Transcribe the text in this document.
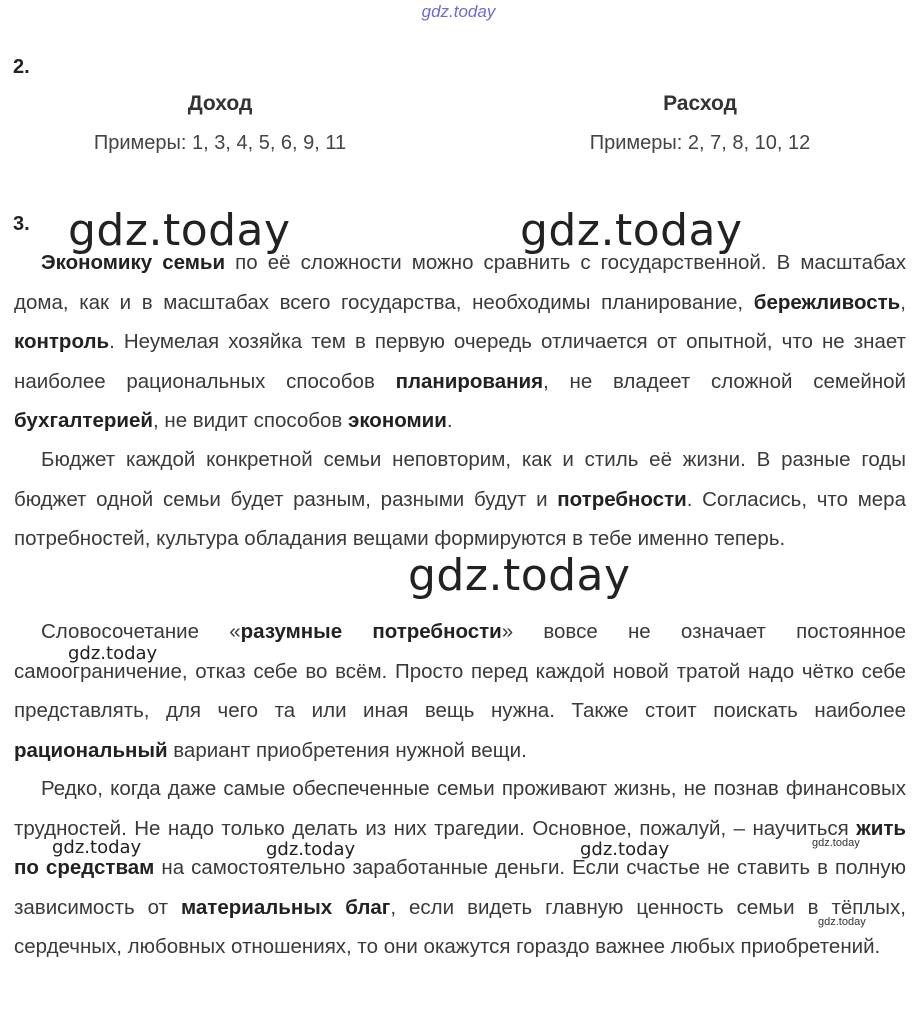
gdz.today
2.
Доход
Примеры: 1, 3, 4, 5, 6, 9, 11
Расход
Примеры: 2, 7, 8, 10, 12
3.
Экономику семьи по её сложности можно сравнить с государственной. В масштабах дома, как и в масштабах всего государства, необходимы планирование, бережливость, контроль. Неумелая хозяйка тем в первую очередь отличается от опытной, что не знает наиболее рациональных способов планирования, не владеет сложной семейной бухгалтерией, не видит способов экономии.
Бюджет каждой конкретной семьи неповторим, как и стиль её жизни. В разные годы бюджет одной семьи будет разным, разными будут и потребности. Согласись, что мера потребностей, культура обладания вещами формируются в тебе именно теперь.
Словосочетание «разумные потребности» вовсе не означает постоянное самоограничение, отказ себе во всём. Просто перед каждой новой тратой надо чётко себе представлять, для чего та или иная вещь нужна. Также стоит поискать наиболее рациональный вариант приобретения нужной вещи.
Редко, когда даже самые обеспеченные семьи проживают жизнь, не познав финансовых трудностей. Не надо только делать из них трагедии. Основное, пожалуй, – научиться жить по средствам на самостоятельно заработанные деньги. Если счастье не ставить в полную зависимость от материальных благ, если видеть главную ценность семьи в тёплых, сердечных, любовных отношениях, то они окажутся гораздо важнее любых приобретений.
gdz.today	gdz.today
gdz.today
gdz.today
gdz.today	gdz.today	gdz.today	gdz.today
gdz.today
